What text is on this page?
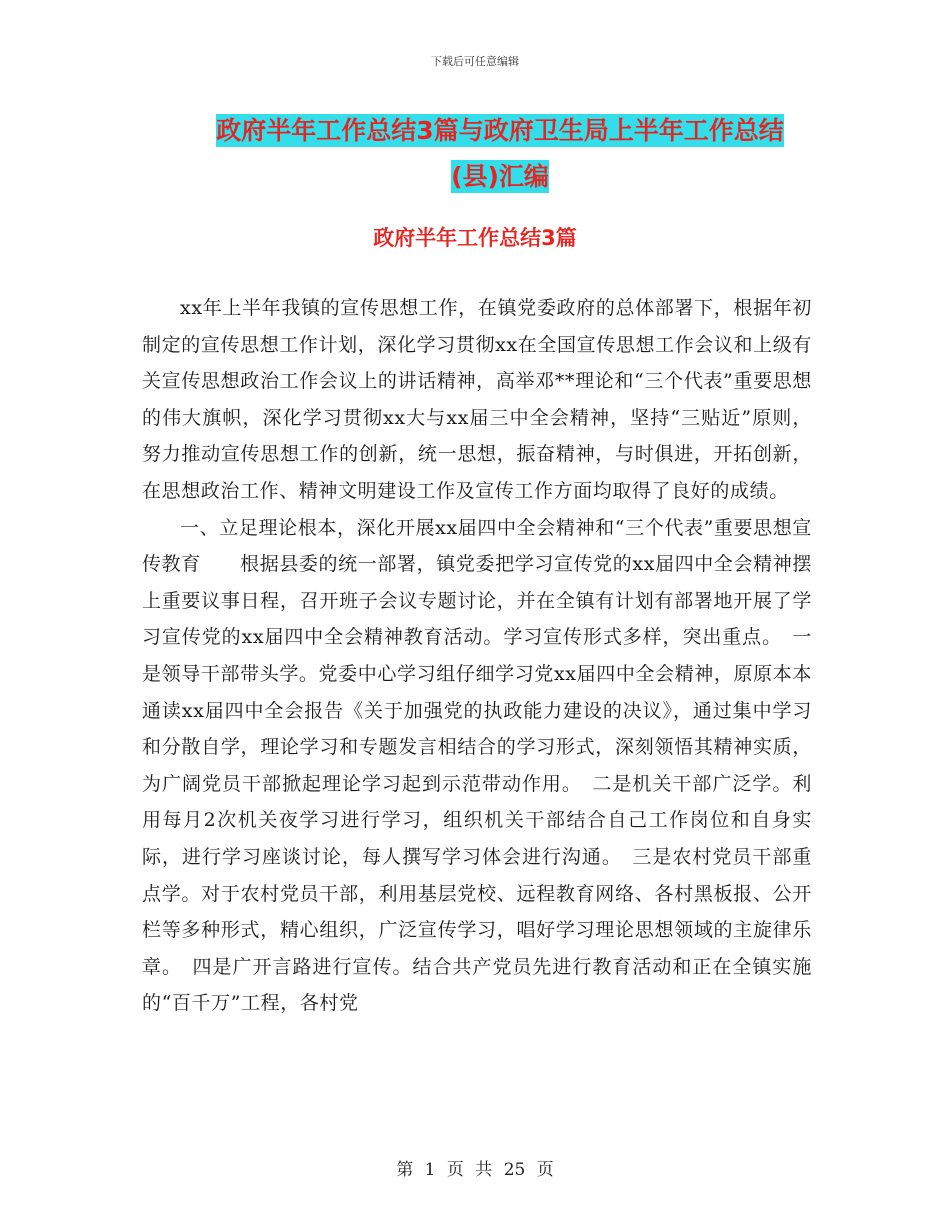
下载后可任意编辑
政府半年工作总结3篇与政府卫生局上半年工作总结
(县)汇编
政府半年工作总结3篇

xx年上半年我镇的宣传思想工作，在镇党委政府的总体部署下，根据年初制定的宣传思想工作计划，深化学习贯彻xx在全国宣传思想工作会议和上级有关宣传思想政治工作会议上的讲话精神，高举邓**理论和“三个代表”重要思想的伟大旗帜，深化学习贯彻xx大与xx届三中全会精神，坚持“三贴近”原则，努力推动宣传思想工作的创新，统一思想，振奋精神，与时俱进，开拓创新，在思想政治工作、精神文明建设工作及宣传工作方面均取得了良好的成绩。

一、立足理论根本，深化开展xx届四中全会精神和“三个代表”重要思想宣传教育　　根据县委的统一部署，镇党委把学习宣传党的xx届四中全会精神摆上重要议事日程，召开班子会议专题讨论，并在全镇有计划有部署地开展了学习宣传党的xx届四中全会精神教育活动。学习宣传形式多样，突出重点。　一是领导干部带头学。党委中心学习组仔细学习党xx届四中全会精神，原原本本通读xx届四中全会报告《关于加强党的执政能力建设的决议》，通过集中学习和分散自学，理论学习和专题发言相结合的学习形式，深刻领悟其精神实质，为广阔党员干部掀起理论学习起到示范带动作用。　二是机关干部广泛学。利用每月2次机关夜学习进行学习，组织机关干部结合自己工作岗位和自身实际，进行学习座谈讨论，每人撰写学习体会进行沟通。　三是农村党员干部重点学。对于农村党员干部，利用基层党校、远程教育网络、各村黑板报、公开栏等多种形式，精心组织，广泛宣传学习，唱好学习理论思想领域的主旋律乐章。　四是广开言路进行宣传。结合共产党员先进行教育活动和正在全镇实施的“百千万”工程，各村党

第 1 页 共 25 页
